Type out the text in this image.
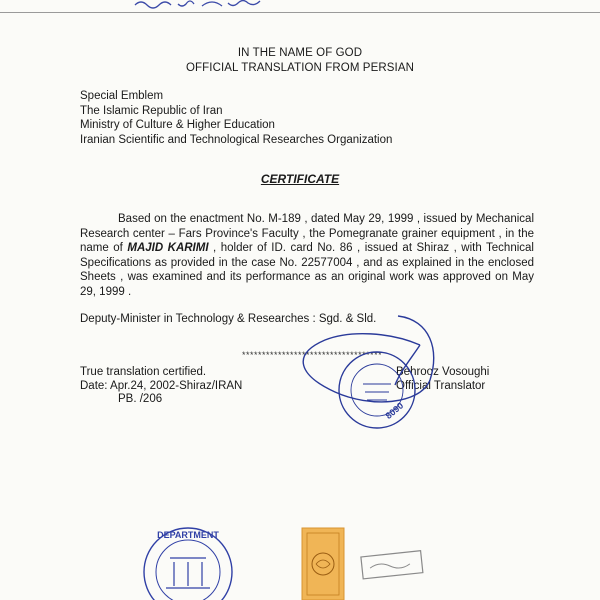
IN THE NAME OF GOD
OFFICIAL TRANSLATION FROM PERSIAN
Special Emblem
The Islamic Republic of Iran
Ministry of Culture & Higher Education
Iranian Scientific and Technological Researches Organization
CERTIFICATE
Based on the enactment No. M-189 , dated May 29, 1999 , issued by Mechanical Research center – Fars Province's Faculty , the Pomegranate grainer equipment , in the name of MAJID KARIMI , holder of ID. card No. 86 , issued at Shiraz , with Technical Specifications as provided in the case No. 22577004 , and as explained in the enclosed Sheets , was examined and its performance as an original work was approved on May 29, 1999 .
Deputy-Minister in Technology & Researches : Sgd. & Sld.
***********************************
True translation certified.
Date: Apr.24, 2002-Shiraz/IRAN
PB. /206
Behrooz Vosoughi
Official Translator
8090
DEPARTMENT
